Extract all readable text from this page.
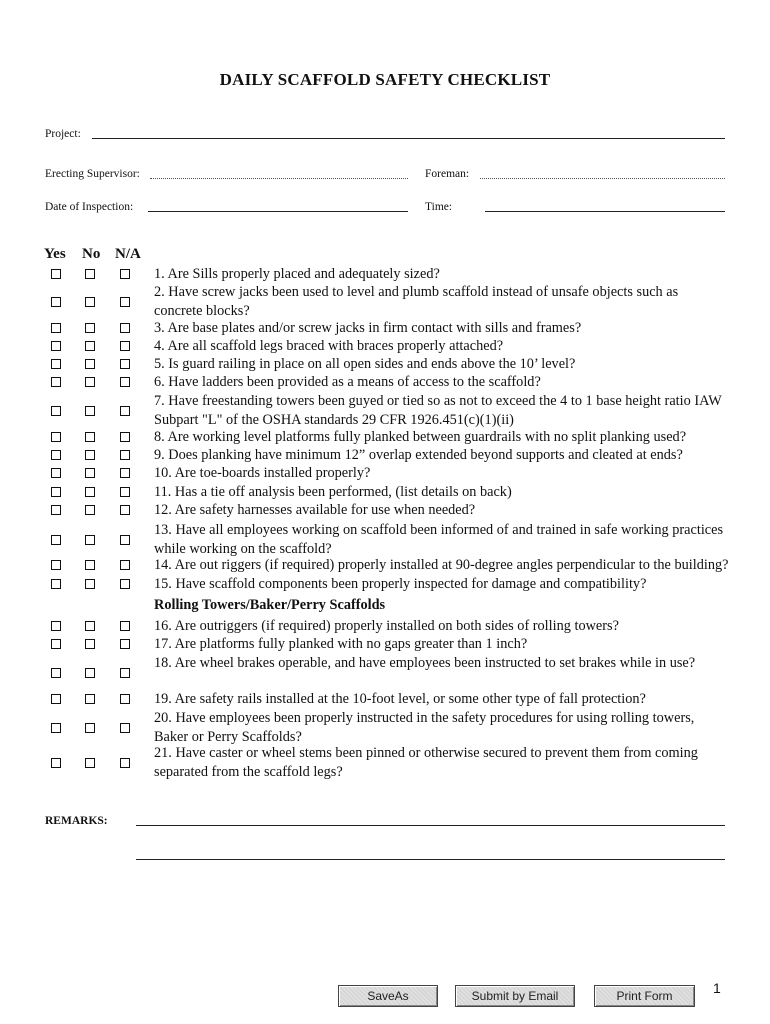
DAILY SCAFFOLD SAFETY CHECKLIST
Project:
Erecting Supervisor:	Foreman:
Date of Inspection:	Time:
Yes No N/A
1. Are Sills properly placed and adequately sized?
2. Have screw jacks been used to level and plumb scaffold instead of unsafe objects such as concrete blocks?
3. Are base plates and/or screw jacks in firm contact with sills and frames?
4. Are all scaffold legs braced with braces properly attached?
5. Is guard railing in place on all open sides and ends above the 10’ level?
6. Have ladders been provided as a means of access to the scaffold?
7. Have freestanding towers been guyed or tied so as not to exceed the 4 to 1 base height ratio IAW Subpart "L" of the OSHA standards 29 CFR 1926.451(c)(1)(ii)
8. Are working level platforms fully planked between guardrails with no split planking used?
9. Does planking have minimum 12” overlap extended beyond supports and cleated at ends?
10. Are toe-boards installed properly?
11. Has a tie off analysis been performed, (list details on back)
12. Are safety harnesses available for use when needed?
13. Have all employees working on scaffold been informed of and trained in safe working practices while working on the scaffold?
14. Are out riggers (if required) properly installed at 90-degree angles perpendicular to the building?
15. Have scaffold components been properly inspected for damage and compatibility?
16. Are outriggers (if required) properly installed on both sides of rolling towers?
17. Are platforms fully planked with no gaps greater than 1 inch?
18. Are wheel brakes operable, and have employees been instructed to set brakes while in use?
19. Are safety rails installed at the 10-foot level, or some other type of fall protection?
20. Have employees been properly instructed in the safety procedures for using rolling towers, Baker or Perry Scaffolds?
21. Have caster or wheel stems been pinned or otherwise secured to prevent them from coming separated from the scaffold legs?
Rolling Towers/Baker/Perry Scaffolds
REMARKS:
SaveAs	Submit by Email	Print Form	1
